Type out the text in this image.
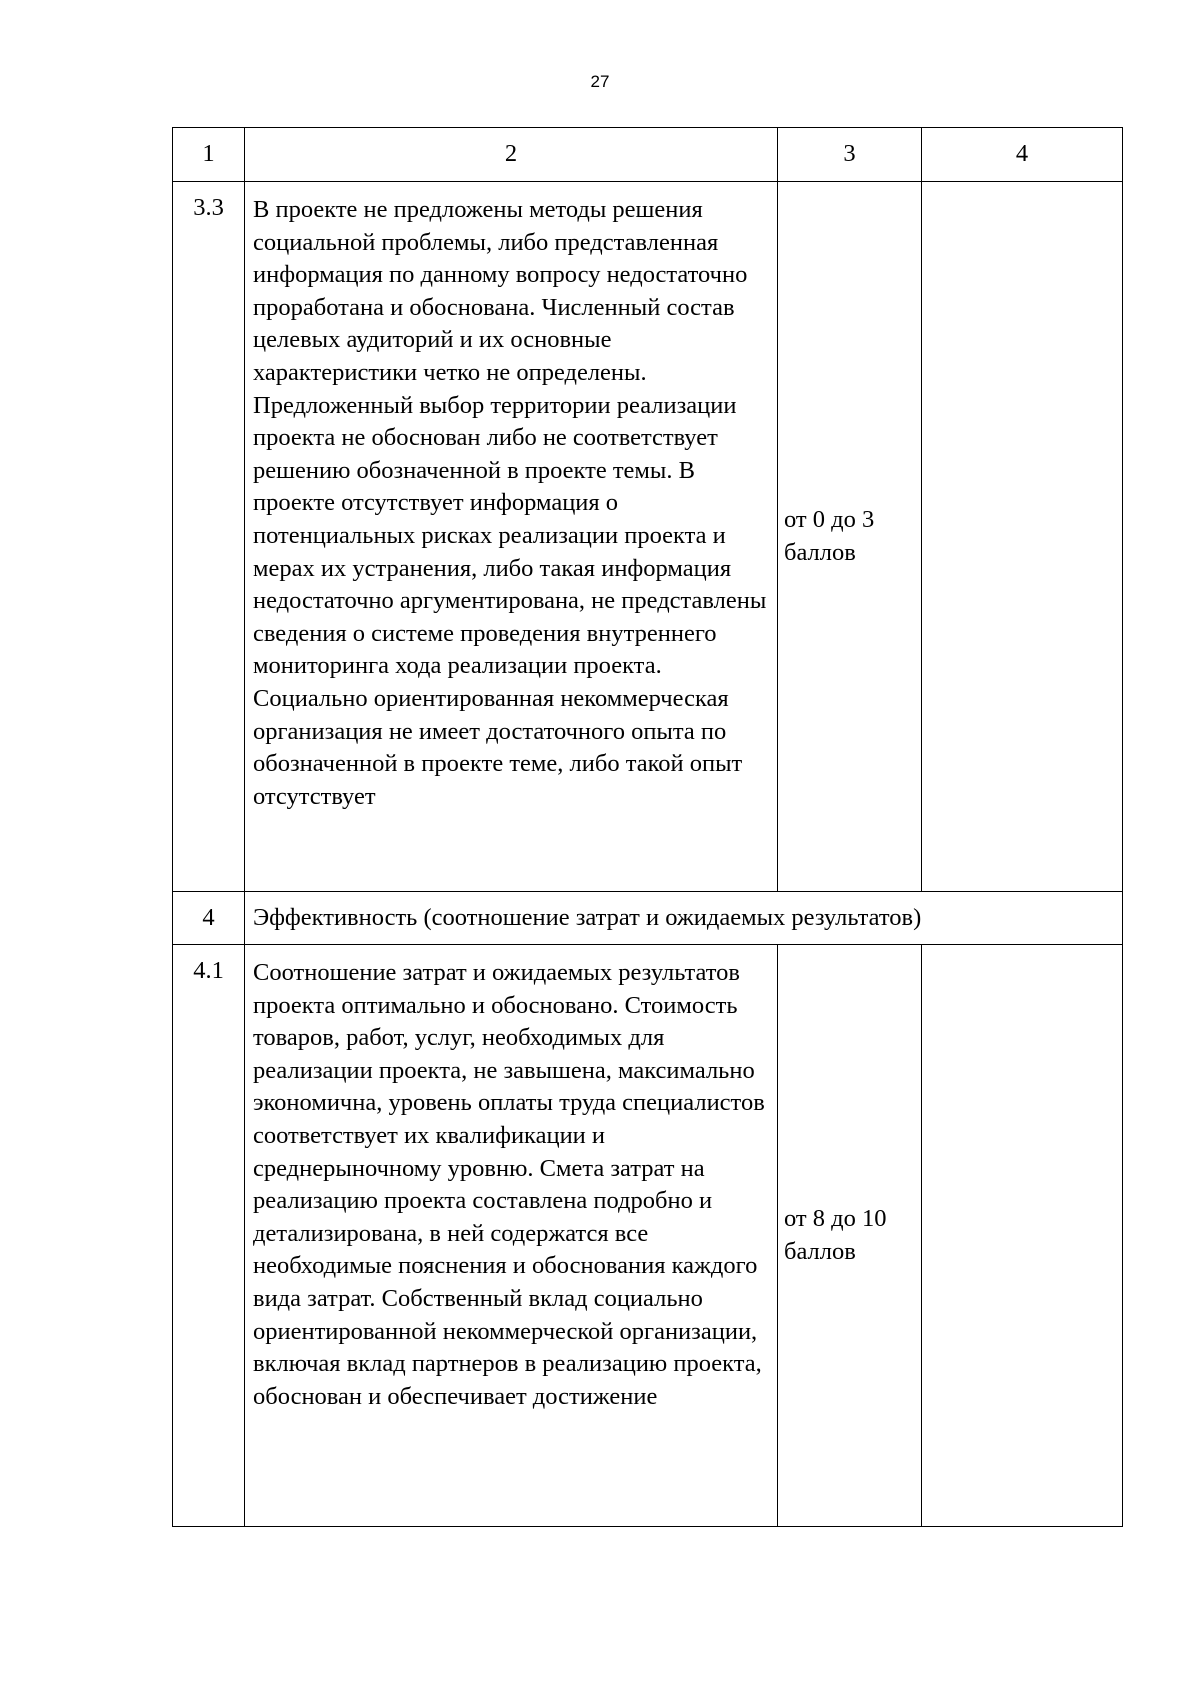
27
1	2	3	4
3.3	В проекте не предложены методы решения социальной проблемы, либо представленная информация по данному вопросу недостаточно проработана и обоснована. Численный состав целевых аудиторий и их основные характеристики четко не определены. Предложенный выбор территории реализации проекта не обоснован либо не соответствует решению обозначенной в проекте темы. В проекте отсутствует информация о потенциальных рисках реализации проекта и мерах их устранения, либо такая информация недостаточно аргументирована, не представлены сведения о системе проведения внутреннего мониторинга хода реализации проекта.
Социально ориентированная некоммерческая организация не имеет достаточного опыта по обозначенной в проекте теме, либо такой опыт отсутствует	от 0 до 3 баллов	
4	Эффективность (соотношение затрат и ожидаемых результатов)		
4.1	Соотношение затрат и ожидаемых результатов проекта оптимально и обосновано. Стоимость товаров, работ, услуг, необходимых для реализации проекта, не завышена, максимально экономична, уровень оплаты труда специалистов соответствует их квалификации и среднерыночному уровню. Смета затрат на реализацию проекта составлена подробно и детализирована, в ней содержатся все необходимые пояснения и обоснования каждого вида затрат. Собственный вклад социально ориентированной некоммерческой организации, включая вклад партнеров в реализацию проекта, обоснован и обеспечивает достижение	от 8 до 10 баллов	
